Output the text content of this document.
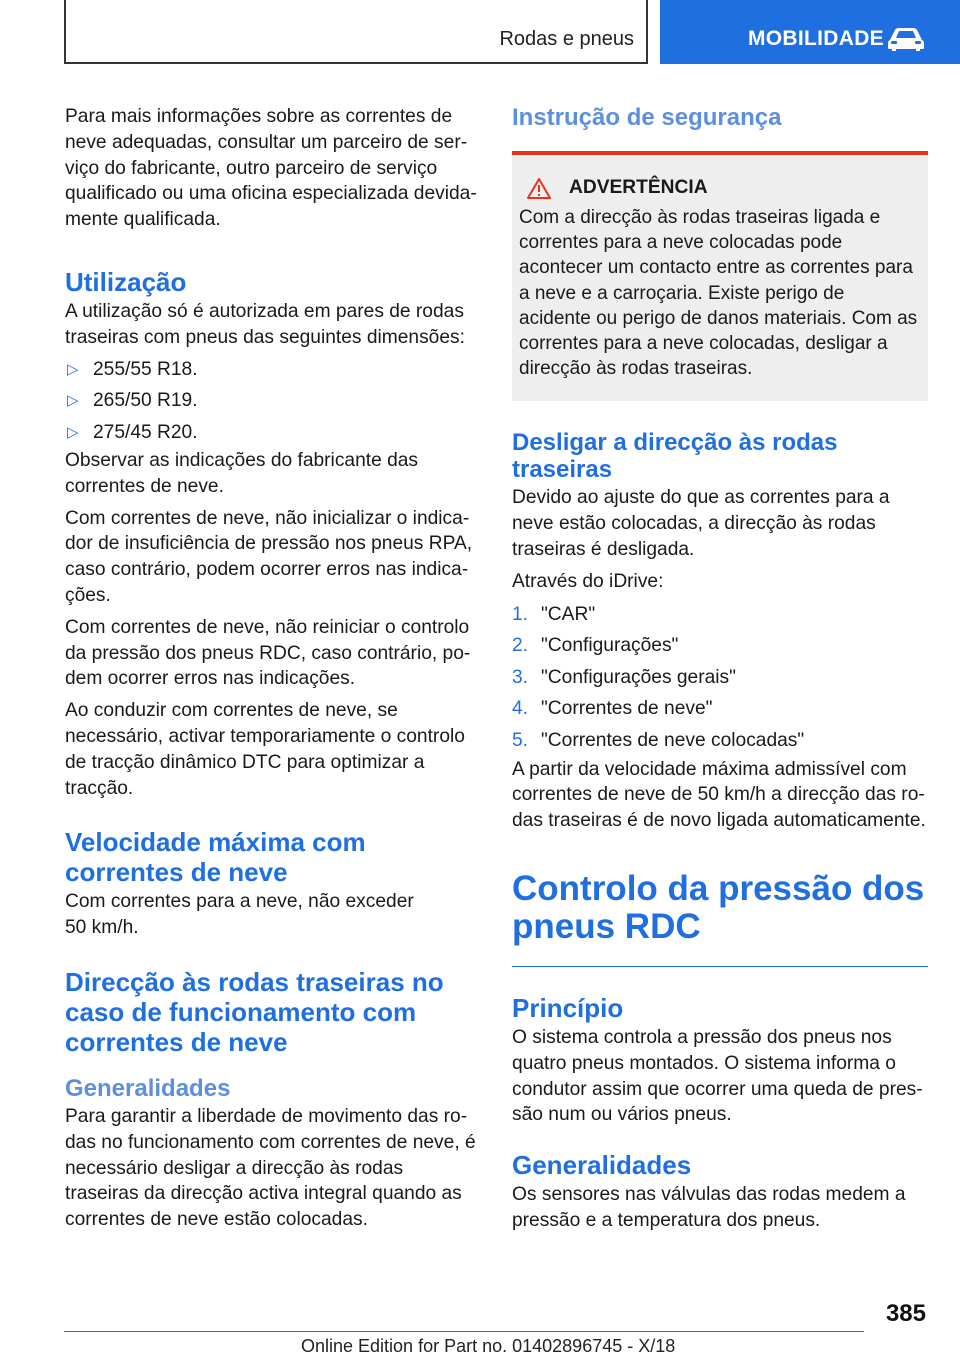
Rodas e pneus	MOBILIDADE

Para mais informações sobre as correntes de neve adequadas, consultar um parceiro de serviço do fabricante, outro parceiro de serviço qualificado ou uma oficina especializada devidamente qualificada.

Utilização

A utilização só é autorizada em pares de rodas traseiras com pneus das seguintes dimensões:

▷ 255/55 R18.
▷ 265/50 R19.
▷ 275/45 R20.

Observar as indicações do fabricante das correntes de neve.

Com correntes de neve, não inicializar o indicador de insuficiência de pressão nos pneus RPA, caso contrário, podem ocorrer erros nas indicações.

Com correntes de neve, não reiniciar o controlo da pressão dos pneus RDC, caso contrário, podem ocorrer erros nas indicações.

Ao conduzir com correntes de neve, se necessário, activar temporariamente o controlo de tracção dinâmico DTC para optimizar a tracção.

Velocidade máxima com correntes de neve

Com correntes para a neve, não exceder 50 km/h.

Direcção às rodas traseiras no caso de funcionamento com correntes de neve
Generalidades

Para garantir a liberdade de movimento das rodas no funcionamento com correntes de neve, é necessário desligar a direcção às rodas traseiras da direcção activa integral quando as correntes de neve estão colocadas.

Instrução de segurança
ADVERTÊNCIA

Com a direcção às rodas traseiras ligada e correntes para a neve colocadas pode acontecer um contacto entre as correntes para a neve e a carroçaria. Existe perigo de acidente ou perigo de danos materiais. Com as correntes para a neve colocadas, desligar a direcção às rodas traseiras.

Desligar a direcção às rodas traseiras

Devido ao ajuste do que as correntes para a neve estão colocadas, a direcção às rodas traseiras é desligada.

Através do iDrive:

1. "CAR"
2. "Configurações"
3. "Configurações gerais"
4. "Correntes de neve"
5. "Correntes de neve colocadas"

A partir da velocidade máxima admissível com correntes de neve de 50 km/h a direcção das rodas traseiras é de novo ligada automaticamente.

Controlo da pressão dos pneus RDC
Princípio

O sistema controla a pressão dos pneus nos quatro pneus montados. O sistema informa o condutor assim que ocorrer uma queda de pressão num ou vários pneus.

Generalidades

Os sensores nas válvulas das rodas medem a pressão e a temperatura dos pneus.

385
Online Edition for Part no. 01402896745 - X/18
